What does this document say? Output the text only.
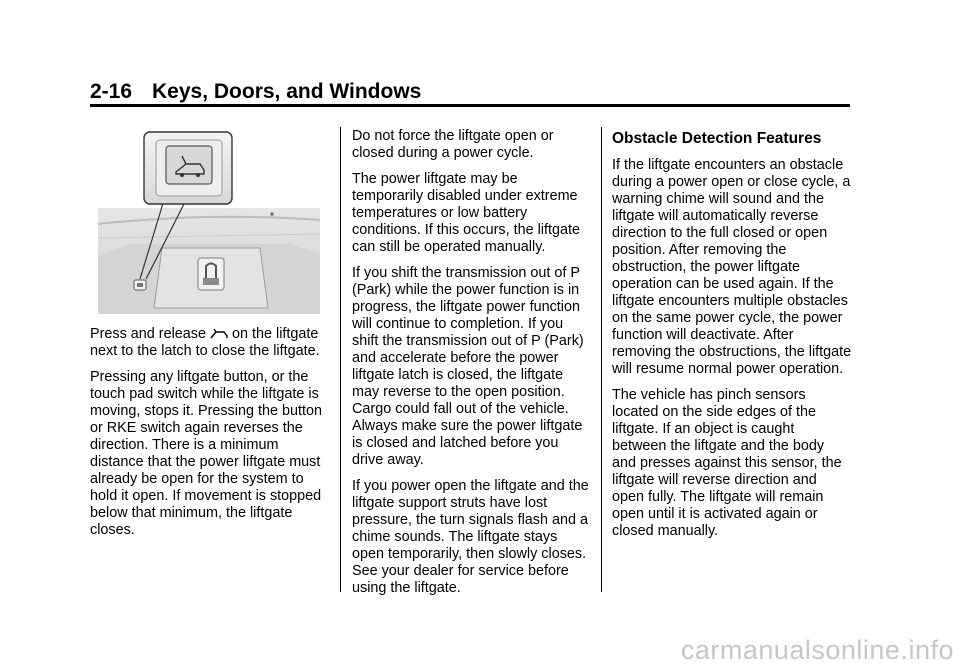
2-16 Keys, Doors, and Windows

Press and release on the liftgate next to the latch to close the liftgate.

Pressing any liftgate button, or the touch pad switch while the liftgate is moving, stops it. Pressing the button or RKE switch again reverses the direction. There is a minimum distance that the power liftgate must already be open for the system to hold it open. If movement is stopped below that minimum, the liftgate closes.

Do not force the liftgate open or closed during a power cycle.

The power liftgate may be temporarily disabled under extreme temperatures or low battery conditions. If this occurs, the liftgate can still be operated manually.

If you shift the transmission out of P (Park) while the power function is in progress, the liftgate power function will continue to completion. If you shift the transmission out of P (Park) and accelerate before the power liftgate latch is closed, the liftgate may reverse to the open position. Cargo could fall out of the vehicle. Always make sure the power liftgate is closed and latched before you drive away.

If you power open the liftgate and the liftgate support struts have lost pressure, the turn signals flash and a chime sounds. The liftgate stays open temporarily, then slowly closes. See your dealer for service before using the liftgate.

Obstacle Detection Features

If the liftgate encounters an obstacle during a power open or close cycle, a warning chime will sound and the liftgate will automatically reverse direction to the full closed or open position. After removing the obstruction, the power liftgate operation can be used again. If the liftgate encounters multiple obstacles on the same power cycle, the power function will deactivate. After removing the obstructions, the liftgate will resume normal power operation.

The vehicle has pinch sensors located on the side edges of the liftgate. If an object is caught between the liftgate and the body and presses against this sensor, the liftgate will reverse direction and open fully. The liftgate will remain open until it is activated again or closed manually.

carmanualsonline.info
